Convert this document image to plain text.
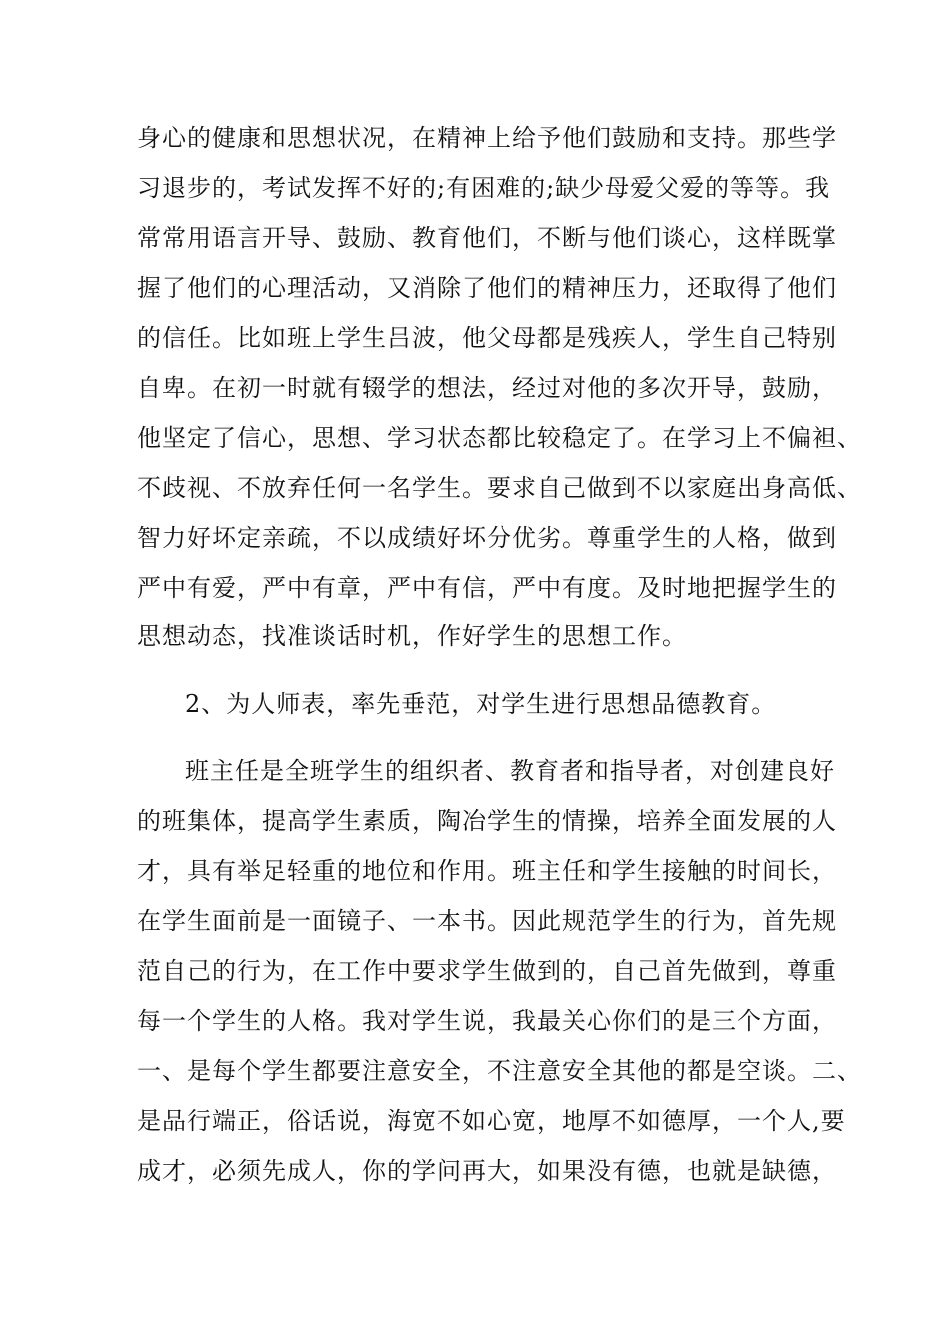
身心的健康和思想状况，在精神上给予他们鼓励和支持。那些学
习退步的，考试发挥不好的;有困难的;缺少母爱父爱的等等。我
常常用语言开导、鼓励、教育他们，不断与他们谈心，这样既掌
握了他们的心理活动，又消除了他们的精神压力，还取得了他们
的信任。比如班上学生吕波，他父母都是残疾人，学生自己特别
自卑。在初一时就有辍学的想法，经过对他的多次开导，鼓励，
他坚定了信心，思想、学习状态都比较稳定了。在学习上不偏袒、
不歧视、不放弃任何一名学生。要求自己做到不以家庭出身高低、
智力好坏定亲疏，不以成绩好坏分优劣。尊重学生的人格，做到
严中有爱，严中有章，严中有信，严中有度。及时地把握学生的
思想动态，找准谈话时机，作好学生的思想工作。
2、为人师表，率先垂范，对学生进行思想品德教育。
班主任是全班学生的组织者、教育者和指导者，对创建良好
的班集体，提高学生素质，陶冶学生的情操，培养全面发展的人
才，具有举足轻重的地位和作用。班主任和学生接触的时间长，
在学生面前是一面镜子、一本书。因此规范学生的行为，首先规
范自己的行为，在工作中要求学生做到的，自己首先做到，尊重
每一个学生的人格。我对学生说，我最关心你们的是三个方面，
一、是每个学生都要注意安全，不注意安全其他的都是空谈。二、
是品行端正，俗话说，海宽不如心宽，地厚不如德厚，一个人,要
成才，必须先成人，你的学问再大，如果没有德，也就是缺德，
